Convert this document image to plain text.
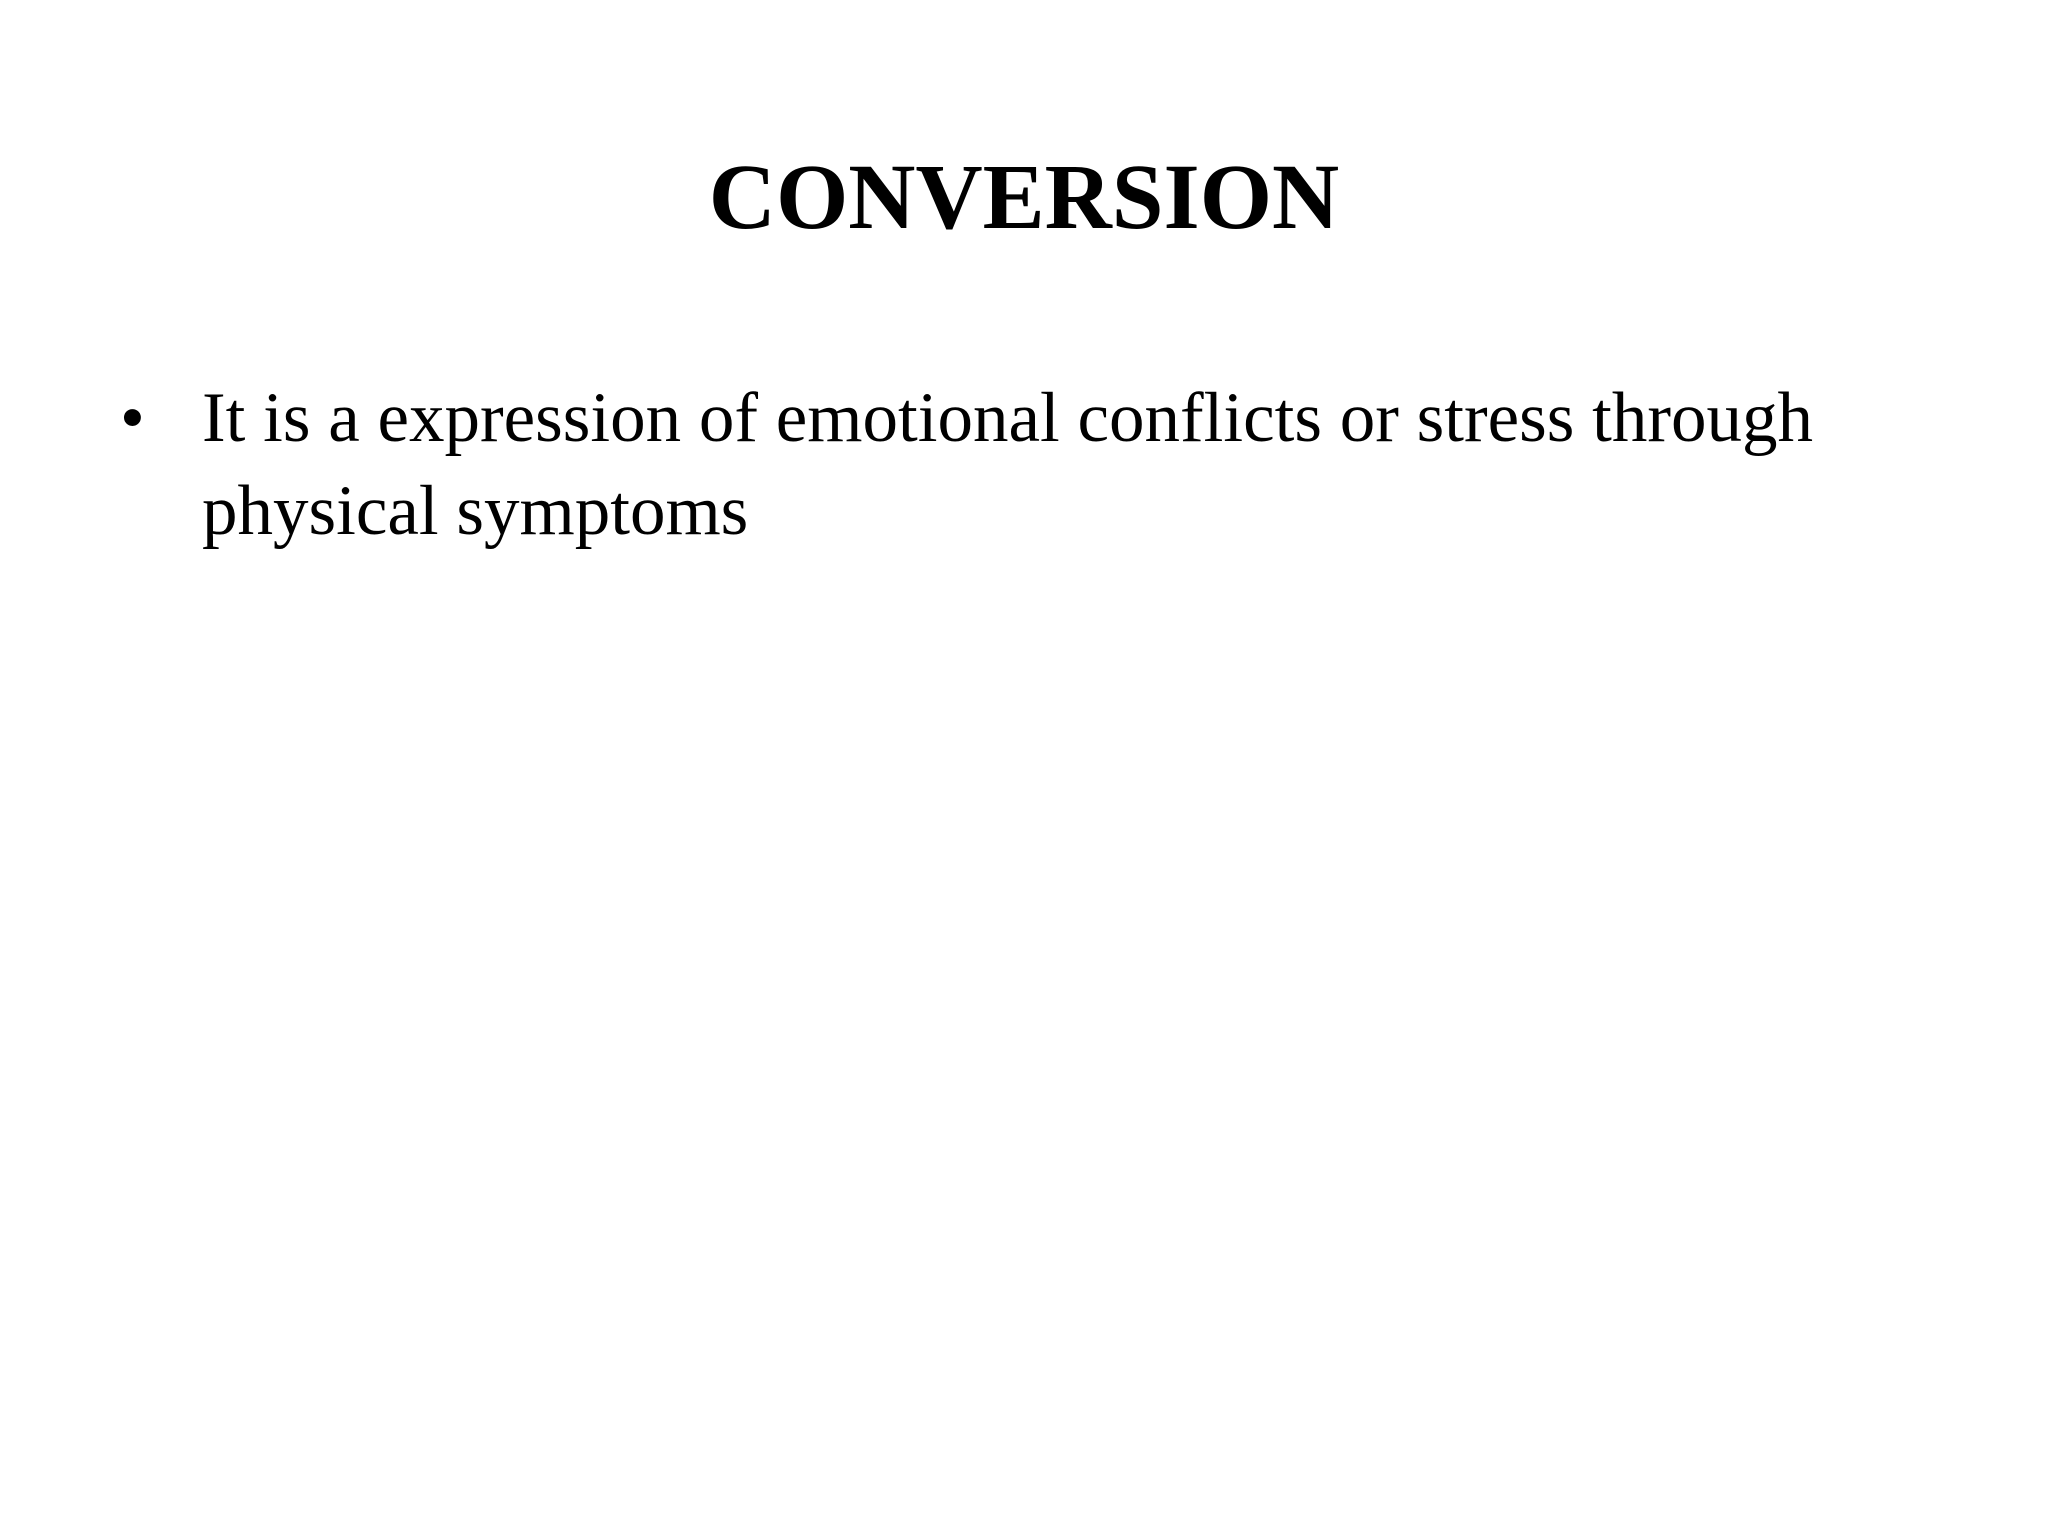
CONVERSION
• It is a expression of emotional conflicts or stress through physical symptoms
